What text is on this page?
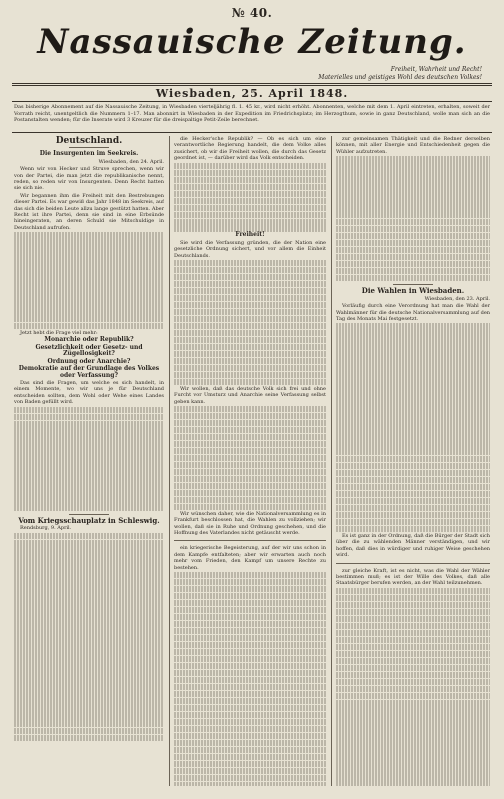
№ 40.
Nassauische Zeitung.
Freiheit, Wahrheit und Recht!
Materielles und geistiges Wohl des deutschen Volkes!
Wiesbaden, 25. April 1848.
Das bisherige Abonnement auf die Nassauische Zeitung, in Wiesbaden vierteljährig fl. 1. 45 kr., wird nicht erhöht. Abonnenten, welche mit dem 1. April eintreten, erhalten, soweit der Vorrath reicht, unentgeltlich die Nummern 1–17. Man abonnirt in Wiesbaden in der Expedition im Friedrichsplatz; im Herzogthum, sowie in ganz Deutschland, wolle man sich an die Postanstalten wenden; für die Inserate wird 3 Kreuzer für die dreispaltige Petit-Zeile berechnet.
Deutschland.
Die Insurgenten im Seekreis.

Wiesbaden, den 24. April.

Wenn wir von Hecker und Struve sprechen, wenn wir von der Partei, die man jetzt die republikanische nennt, reden, so reden wir von Insurgenten. Denn Recht hatten sie sich nie.

Wir begannen ihm die Freiheit mit den Bestrebungen dieser Partei. Es war gewiß das Jahr 1848 im Seekreis, auf das sich die beiden Leute allzu lange gestützt hatten. Aber Recht ist ihre Partei, denn sie sind in eine Erbsünde hineingeraten, an deren Schuld sie Mitschuldige in Deutschland aufrufen.

Jetzt hebt die Frage viel mehr:

Monarchie oder Republik?

Gesetzlichkeit oder Gesetz- und Zügellosigkeit?

Ordnung oder Anarchie?

Demokratie auf der Grundlage des Volkes oder Verfassung?

Das sind die Fragen, um welche es sich handelt, in einem Momente, wo wir uns je für Deutschland entscheiden sollten, dem Wohl oder Wehe eines Landes von Baden gefüllt wird.

Vom Kriegsschauplatz in Schleswig.

Rendsburg, 9. April.

die Hecker'sche Republik? — Ob es sich um eine verantwortliche Regierung handelt, die dem Volke alles zusichert, ob wir die Freiheit wollen, die durch das Gesetz geordnet ist, — darüber wird das Volk entscheiden.

Freiheit!

Sie wird die Verfassung gründen, die der Nation eine gesetzliche Ordnung sichert, und vor allem die Einheit Deutschlands.

Wir wollen, daß das deutsche Volk sich frei und ohne Furcht vor Umsturz und Anarchie seine Verfassung selbst geben kann.

Wir wünschen daher, wie die Nationalversammlung es in Frankfurt beschlossen hat, die Wahlen zu vollziehen; wir wollen, daß sie in Ruhe und Ordnung geschehen, und die Hoffnung des Vaterlandes nicht getäuscht werde.

ein kriegerische Begeisterung, auf der wir uns schon in dem Kampfe entfalteten; aber wir erwarten auch noch mehr vom Frieden, den Kampf um unsere Rechte zu bestehen.

zur gemeinsamen Thätigkeit und die Redner derselben können, mit aller Energie und Entschiedenheit gegen die Wühler aufzutreten.

Die Wahlen in Wiesbaden.

Wiesbaden, den 23. April.

Vorläufig durch eine Verordnung hat man die Wahl der Wahlmänner für die deutsche Nationalversammlung auf den Tag des Monats Mai festgesetzt.

Es ist ganz in der Ordnung, daß die Bürger der Stadt sich über die zu wählenden Männer verständigen, und wir hoffen, daß dies in würdiger und ruhiger Weise geschehen wird.

zur gleiche Kraft, ist es nicht, was die Wahl der Wähler bestimmen muß; es ist der Wille des Volkes, daß alle Staatsbürger berufen werden, an der Wahl teilzunehmen.
